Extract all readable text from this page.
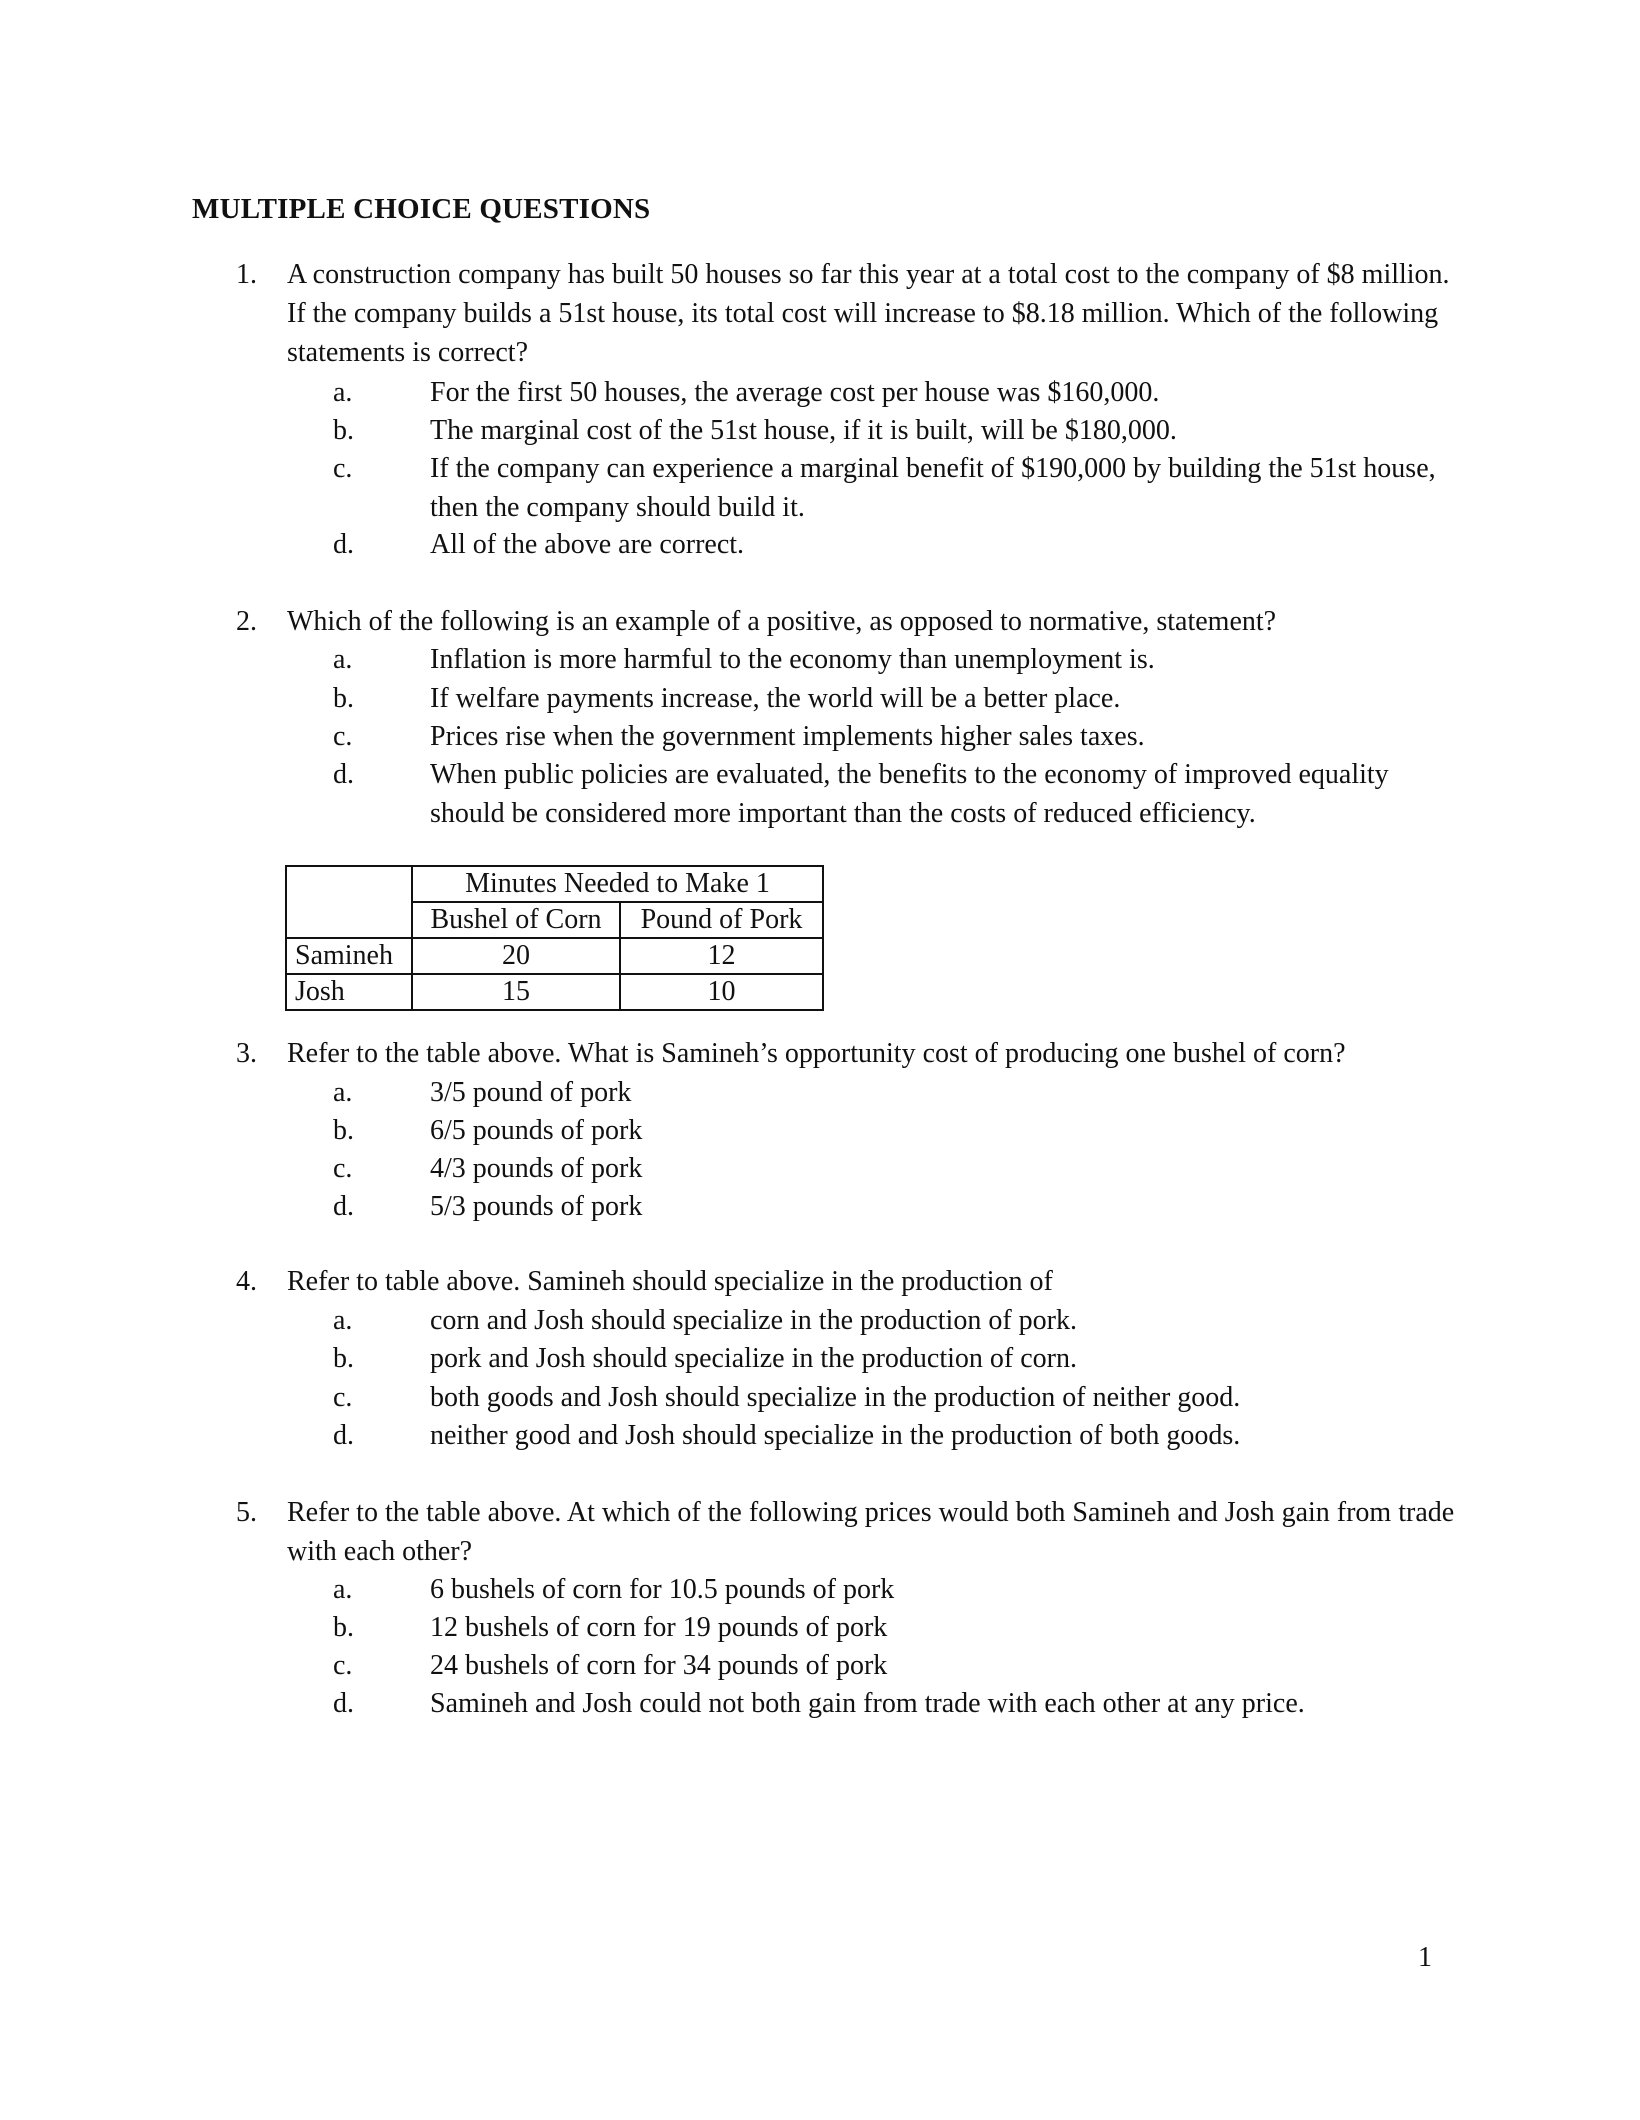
MULTIPLE CHOICE QUESTIONS
1. A construction company has built 50 houses so far this year at a total cost to the company of $8 million. If the company builds a 51st house, its total cost will increase to $8.18 million. Which of the following statements is correct?
a.	For the first 50 houses, the average cost per house was $160,000.
b.	The marginal cost of the 51st house, if it is built, will be $180,000.
c.	If the company can experience a marginal benefit of $190,000 by building the 51st house, then the company should build it.
d.	All of the above are correct.
2. Which of the following is an example of a positive, as opposed to normative, statement?
a.	Inflation is more harmful to the economy than unemployment is.
b.	If welfare payments increase, the world will be a better place.
c.	Prices rise when the government implements higher sales taxes.
d.	When public policies are evaluated, the benefits to the economy of improved equality should be considered more important than the costs of reduced efficiency.
	Minutes Needed to Make 1	
	Bushel of Corn	Pound of Pork
Samineh	20	12
Josh	15	10
3. Refer to the table above. What is Samineh’s opportunity cost of producing one bushel of corn?
a.	3/5 pound of pork
b.	6/5 pounds of pork
c.	4/3 pounds of pork
d.	5/3 pounds of pork
4. Refer to table above. Samineh should specialize in the production of
a.	corn and Josh should specialize in the production of pork.
b.	pork and Josh should specialize in the production of corn.
c.	both goods and Josh should specialize in the production of neither good.
d.	neither good and Josh should specialize in the production of both goods.
5. Refer to the table above. At which of the following prices would both Samineh and Josh gain from trade with each other?
a.	6 bushels of corn for 10.5 pounds of pork
b.	12 bushels of corn for 19 pounds of pork
c.	24 bushels of corn for 34 pounds of pork
d.	Samineh and Josh could not both gain from trade with each other at any price.
1
